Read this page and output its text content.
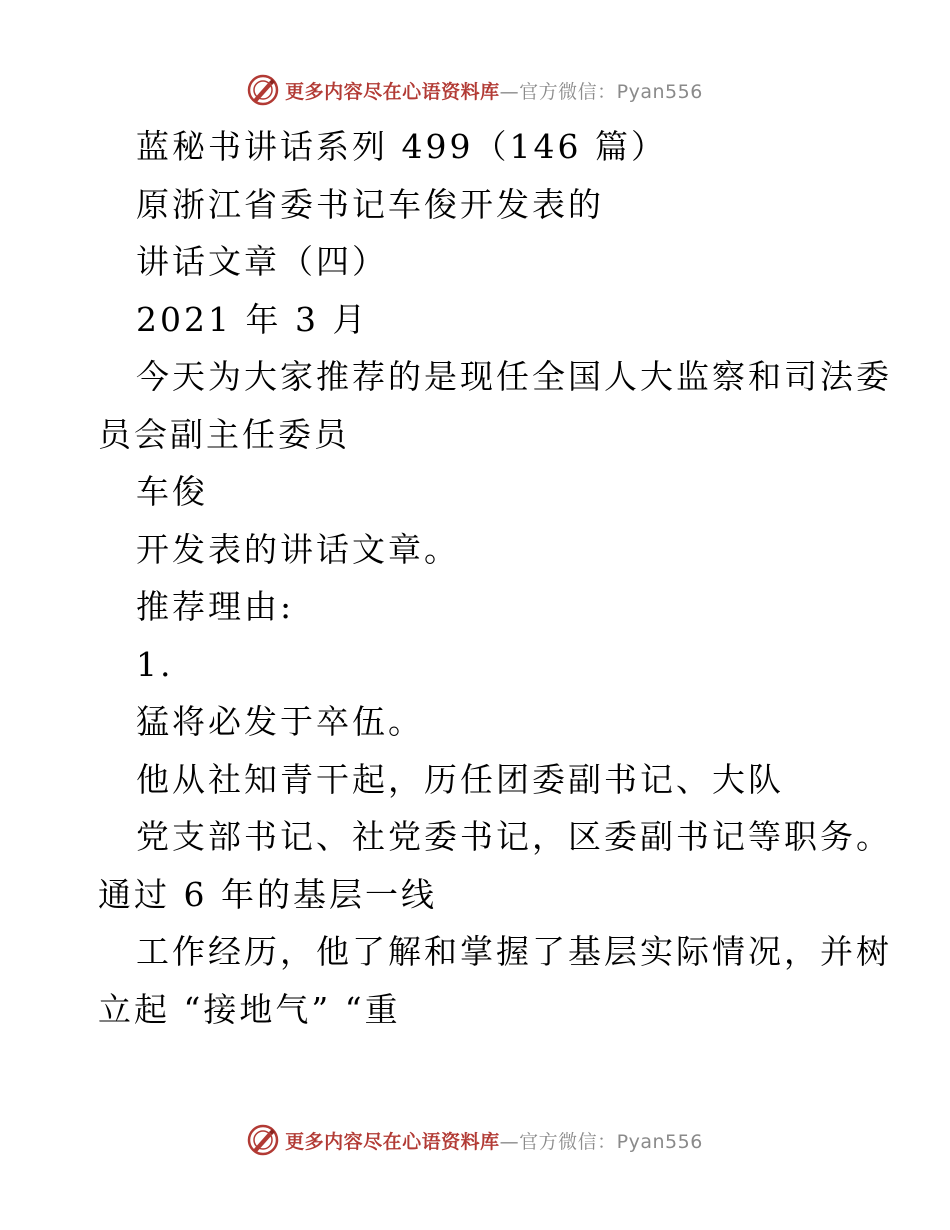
更多内容尽在心语资料库—官方微信：Pyan556
蓝秘书讲话系列 499（146 篇）
原浙江省委书记车俊开发表的
讲话文章（四）
2021 年 3 月
今天为大家推荐的是现任全国人大监察和司法委
员会副主任委员
车俊
开发表的讲话文章。
推荐理由:
1.
猛将必发于卒伍。
他从社知青干起，历任团委副书记、大队
党支部书记、社党委书记，区委副书记等职务。
通过 6 年的基层一线
工作经历，他了解和掌握了基层实际情况，并树
立起 “接地气” “重
更多内容尽在心语资料库—官方微信：Pyan556
